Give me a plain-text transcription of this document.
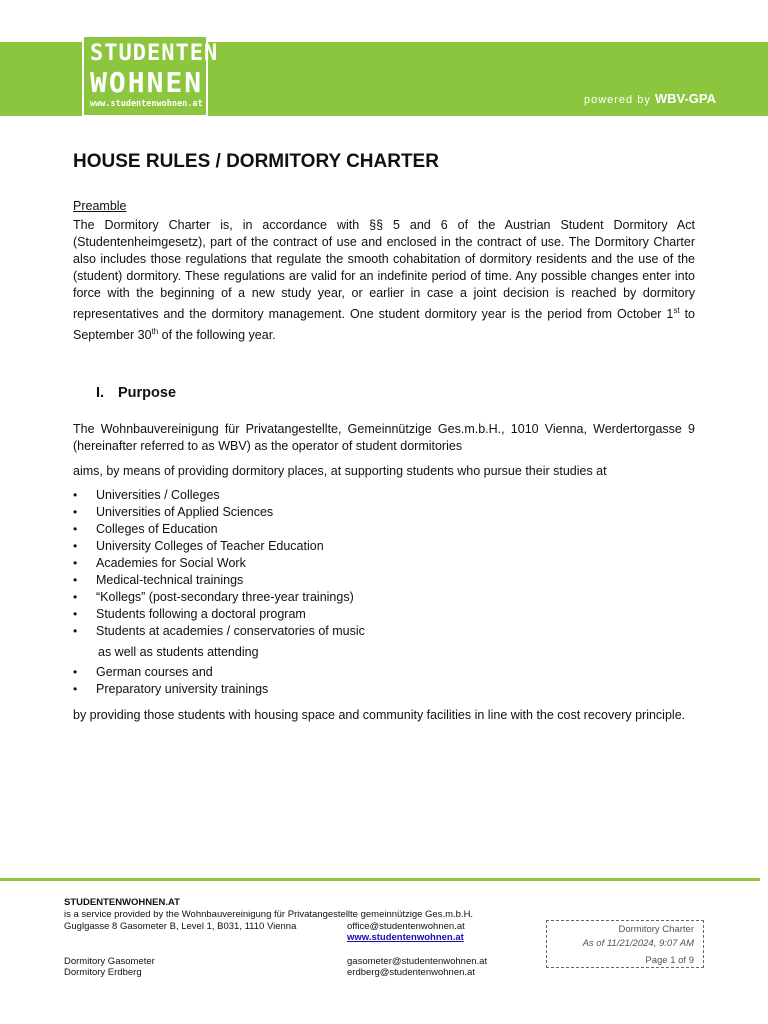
STUDENTEN
WOHNEN
www.studentenwohnen.at	powered by WBV-GPA
HOUSE RULES / DORMITORY CHARTER
Preamble
The Dormitory Charter is, in accordance with §§ 5 and 6 of the Austrian Student Dormitory Act (Studentenheimgesetz), part of the contract of use and enclosed in the contract of use. The Dormitory Charter also includes those regulations that regulate the smooth cohabitation of dormitory residents and the use of the (student) dormitory. These regulations are valid for an indefinite period of time. Any possible changes enter into force with the beginning of a new study year, or earlier in case a joint decision is reached by dormitory representatives and the dormitory management. One student dormitory year is the period from October 1st to September 30th of the following year.
I. Purpose
The Wohnbauvereinigung für Privatangestellte, Gemeinnützige Ges.m.b.H., 1010 Vienna, Werdertorgasse 9 (hereinafter referred to as WBV) as the operator of student dormitories
aims, by means of providing dormitory places, at supporting students who pursue their studies at
• Universities / Colleges
• Universities of Applied Sciences
• Colleges of Education
• University Colleges of Teacher Education
• Academies for Social Work
• Medical-technical trainings
• “Kollegs” (post-secondary three-year trainings)
• Students following a doctoral program
• Students at academies / conservatories of music
as well as students attending
• German courses and
• Preparatory university trainings
by providing those students with housing space and community facilities in line with the cost recovery principle.
STUDENTENWOHNEN.AT
is a service provided by the Wohnbauvereinigung für Privatangestellte gemeinnützige Ges.m.b.H.
Guglgasse 8 Gasometer B, Level 1, B031, 1110 Vienna	office@studentenwohnen.at
www.studentenwohnen.at
Dormitory Gasometer	gasometer@studentenwohnen.at
Dormitory Erdberg	erdberg@studentenwohnen.at
Dormitory Charter
As of 11/21/2024, 9:07 AM
Page 1 of 9
